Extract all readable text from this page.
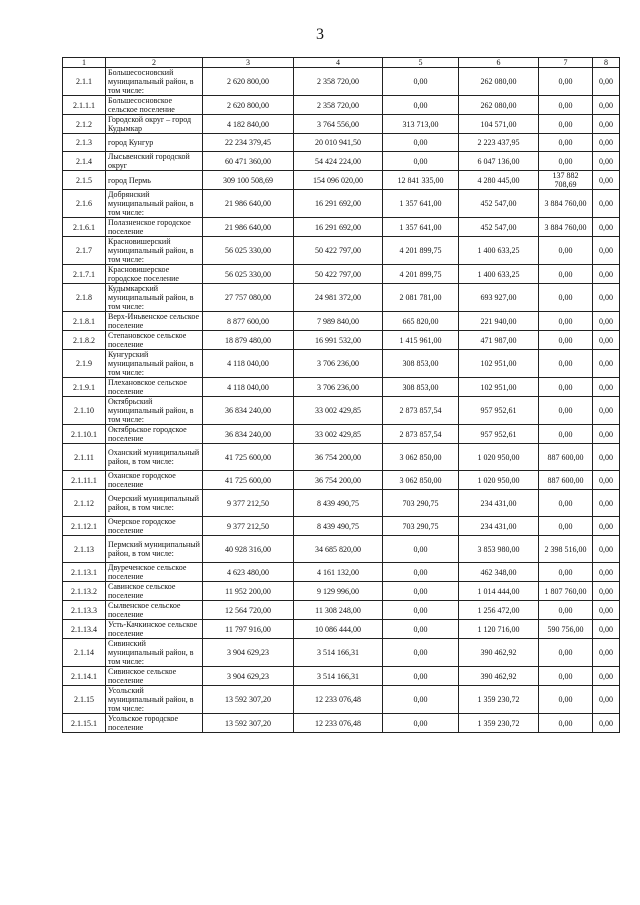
3
1	2	3	4	5	6	7	8
2.1.1	Большесосновский муниципальный район, в том числе:	2 620 800,00	2 358 720,00	0,00	262 080,00	0,00	0,00
2.1.1.1	Большесосновское сельское поселение	2 620 800,00	2 358 720,00	0,00	262 080,00	0,00	0,00
2.1.2	Городской округ – город Кудымкар	4 182 840,00	3 764 556,00	313 713,00	104 571,00	0,00	0,00
2.1.3	город Кунгур	22 234 379,45	20 010 941,50	0,00	2 223 437,95	0,00	0,00
2.1.4	Лысьвенский городской округ	60 471 360,00	54 424 224,00	0,00	6 047 136,00	0,00	0,00
2.1.5	город Пермь	309 100 508,69	154 096 020,00	12 841 335,00	4 280 445,00	137 882 708,69	0,00
2.1.6	Добрянский муниципальный район, в том числе:	21 986 640,00	16 291 692,00	1 357 641,00	452 547,00	3 884 760,00	0,00
2.1.6.1	Полазненское городское поселение	21 986 640,00	16 291 692,00	1 357 641,00	452 547,00	3 884 760,00	0,00
2.1.7	Красновишерский муниципальный район, в том числе:	56 025 330,00	50 422 797,00	4 201 899,75	1 400 633,25	0,00	0,00
2.1.7.1	Красновишерское городское поселение	56 025 330,00	50 422 797,00	4 201 899,75	1 400 633,25	0,00	0,00
2.1.8	Кудымкарский муниципальный район, в том числе:	27 757 080,00	24 981 372,00	2 081 781,00	693 927,00	0,00	0,00
2.1.8.1	Верх-Иньвенское сельское поселение	8 877 600,00	7 989 840,00	665 820,00	221 940,00	0,00	0,00
2.1.8.2	Степановское сельское поселение	18 879 480,00	16 991 532,00	1 415 961,00	471 987,00	0,00	0,00
2.1.9	Кунгурский муниципальный район, в том числе:	4 118 040,00	3 706 236,00	308 853,00	102 951,00	0,00	0,00
2.1.9.1	Плехановское сельское поселение	4 118 040,00	3 706 236,00	308 853,00	102 951,00	0,00	0,00
2.1.10	Октябрьский муниципальный район, в том числе:	36 834 240,00	33 002 429,85	2 873 857,54	957 952,61	0,00	0,00
2.1.10.1	Октябрьское городское поселение	36 834 240,00	33 002 429,85	2 873 857,54	957 952,61	0,00	0,00
2.1.11	Оханский муниципальный район, в том числе:	41 725 600,00	36 754 200,00	3 062 850,00	1 020 950,00	887 600,00	0,00
2.1.11.1	Оханское городское поселение	41 725 600,00	36 754 200,00	3 062 850,00	1 020 950,00	887 600,00	0,00
2.1.12	Очерский муниципальный район, в том числе:	9 377 212,50	8 439 490,75	703 290,75	234 431,00	0,00	0,00
2.1.12.1	Очерское городское поселение	9 377 212,50	8 439 490,75	703 290,75	234 431,00	0,00	0,00
2.1.13	Пермский муниципальный район, в том числе:	40 928 316,00	34 685 820,00	0,00	3 853 980,00	2 398 516,00	0,00
2.1.13.1	Двуреченское сельское поселение	4 623 480,00	4 161 132,00	0,00	462 348,00	0,00	0,00
2.1.13.2	Савинское сельское поселение	11 952 200,00	9 129 996,00	0,00	1 014 444,00	1 807 760,00	0,00
2.1.13.3	Сылвенское сельское поселение	12 564 720,00	11 308 248,00	0,00	1 256 472,00	0,00	0,00
2.1.13.4	Усть-Качкинское сельское поселение	11 797 916,00	10 086 444,00	0,00	1 120 716,00	590 756,00	0,00
2.1.14	Сивинский муниципальный район, в том числе:	3 904 629,23	3 514 166,31	0,00	390 462,92	0,00	0,00
2.1.14.1	Сивинское сельское поселение	3 904 629,23	3 514 166,31	0,00	390 462,92	0,00	0,00
2.1.15	Усольский муниципальный район, в том числе:	13 592 307,20	12 233 076,48	0,00	1 359 230,72	0,00	0,00
2.1.15.1	Усольское городское поселение	13 592 307,20	12 233 076,48	0,00	1 359 230,72	0,00	0,00
